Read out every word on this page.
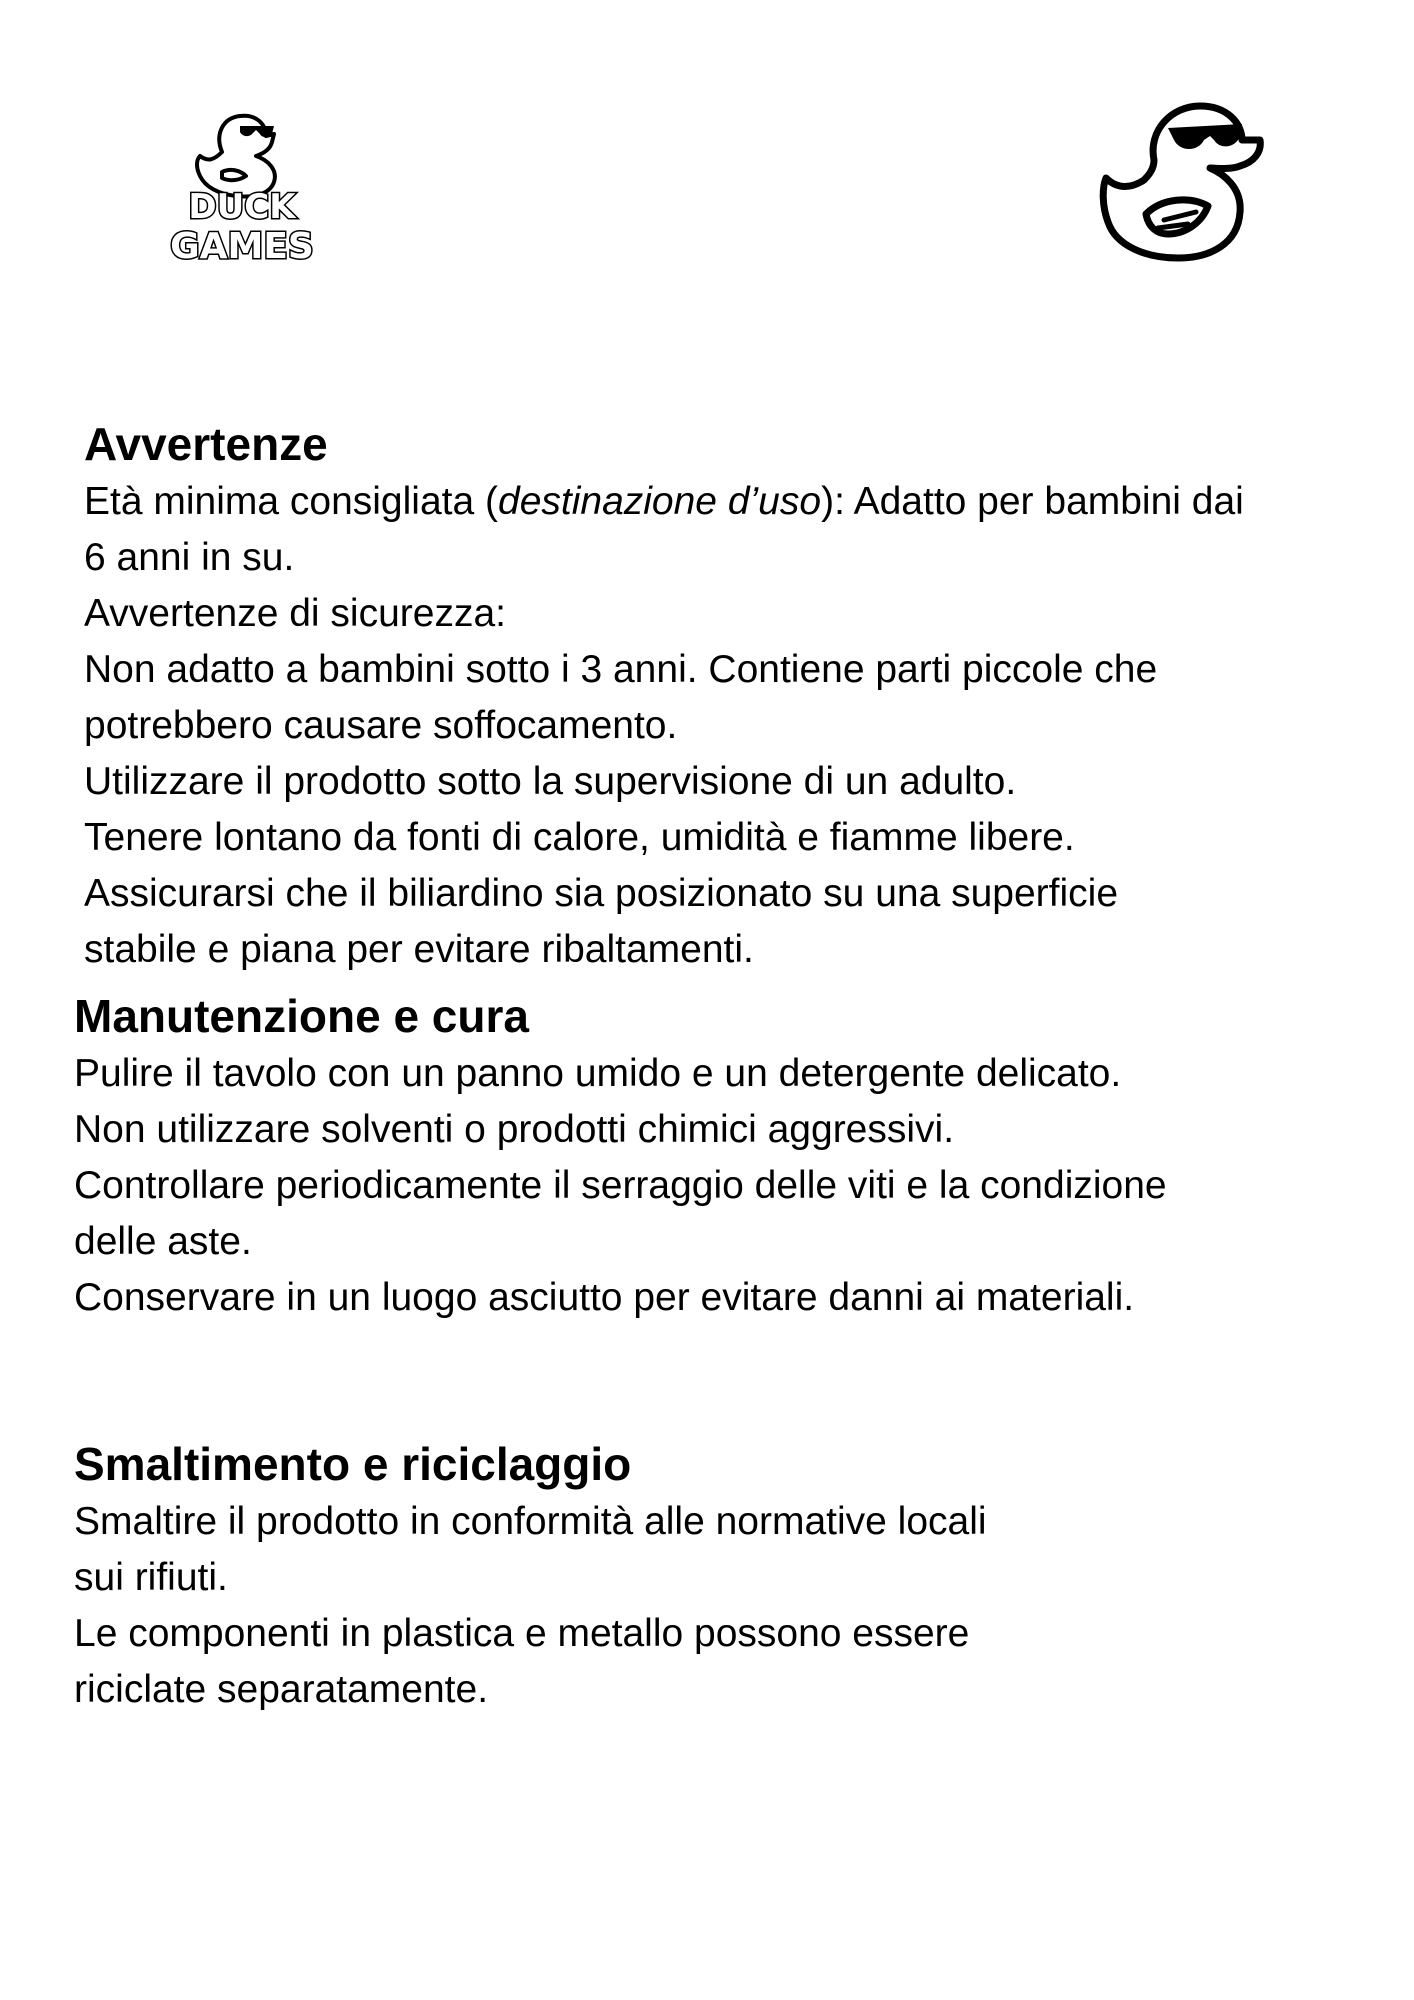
DUCK
GAMES
Avvertenze

Età minima consigliata (destinazione d’uso): Adatto per bambini dai
6 anni in su.

Avvertenze di sicurezza:

Non adatto a bambini sotto i 3 anni. Contiene parti piccole che

potrebbero causare soffocamento.

Utilizzare il prodotto sotto la supervisione di un adulto.

Tenere lontano da fonti di calore, umidità e fiamme libere.

Assicurarsi che il biliardino sia posizionato su una superficie

stabile e piana per evitare ribaltamenti.

Manutenzione e cura

Pulire il tavolo con un panno umido e un detergente delicato.

Non utilizzare solventi o prodotti chimici aggressivi.

Controllare periodicamente il serraggio delle viti e la condizione

delle aste.

Conservare in un luogo asciutto per evitare danni ai materiali.

Smaltimento e riciclaggio

Smaltire il prodotto in conformità alle normative locali

sui rifiuti.

Le componenti in plastica e metallo possono essere

riciclate separatamente.
